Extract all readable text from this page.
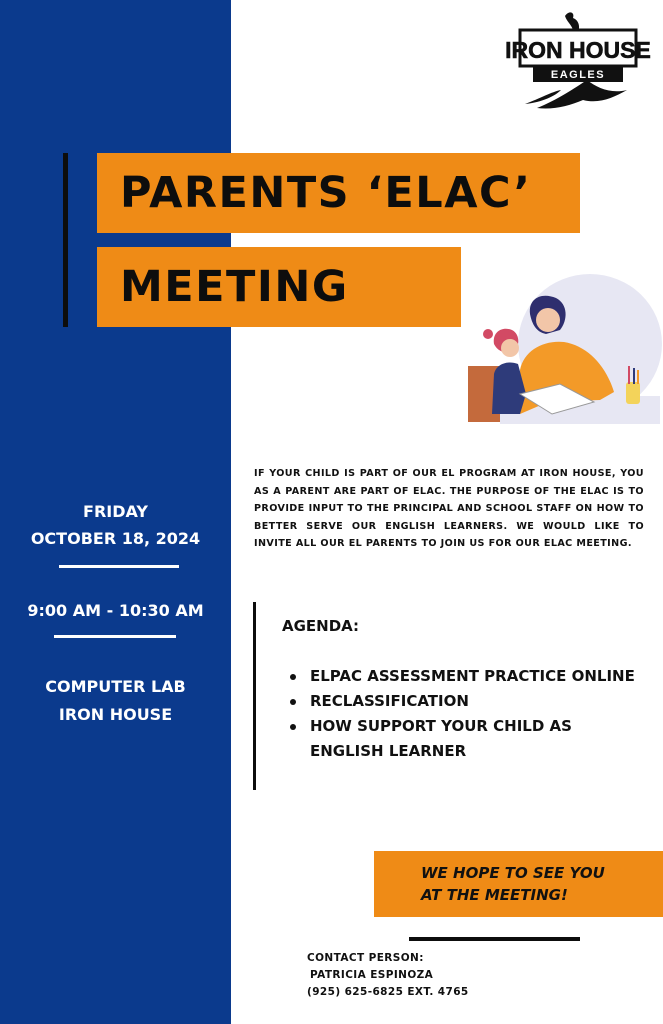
IRON HOUSE
EAGLES
PARENTS ‘ELAC’
MEETING
FRIDAY
OCTOBER 18, 2024
9:00 AM - 10:30 AM
COMPUTER LAB
IRON HOUSE
IF YOUR CHILD IS PART OF OUR EL PROGRAM AT IRON HOUSE, YOU AS A PARENT ARE PART OF ELAC. THE PURPOSE OF THE ELAC IS TO PROVIDE INPUT TO THE PRINCIPAL AND SCHOOL STAFF ON HOW TO BETTER SERVE OUR ENGLISH LEARNERS. WE WOULD LIKE TO INVITE ALL OUR EL PARENTS TO JOIN US FOR OUR ELAC MEETING.
AGENDA:
ELPAC ASSESSMENT PRACTICE ONLINE
RECLASSIFICATION
HOW SUPPORT YOUR CHILD AS ENGLISH LEARNER
WE HOPE TO SEE YOU
AT THE MEETING!
CONTACT PERSON:
PATRICIA ESPINOZA
(925) 625-6825 EXT. 4765
